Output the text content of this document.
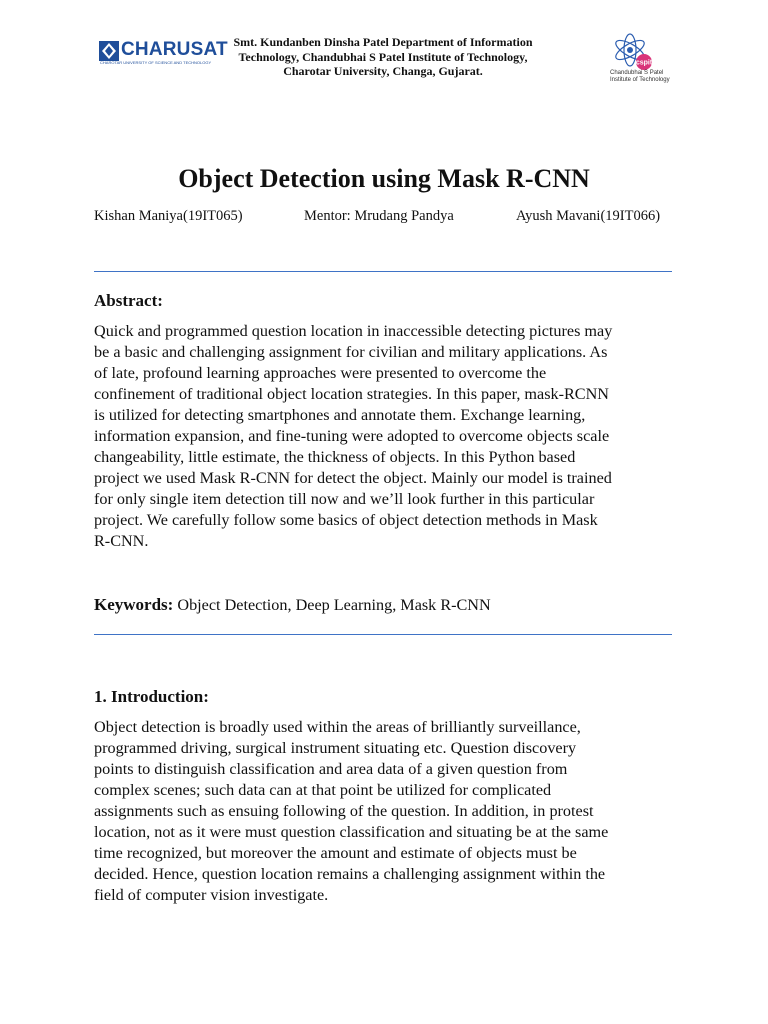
CHARUSAT
CHAROTAR UNIVERSITY OF SCIENCE AND TECHNOLOGY
Smt. Kundanben Dinsha Patel Department of Information
Technology, Chandubhai S Patel Institute of Technology,
Charotar University, Changa, Gujarat.
cspit
Chandubhai S Patel
Institute of Technology
Object Detection using Mask R-CNN
Kishan Maniya(19IT065)	Mentor: Mrudang Pandya	Ayush Mavani(19IT066)
Abstract:
Quick and programmed question location in inaccessible detecting pictures may
be a basic and challenging assignment for civilian and military applications. As
of late, profound learning approaches were presented to overcome the
confinement of traditional object location strategies. In this paper, mask-RCNN
is utilized for detecting smartphones and annotate them. Exchange learning,
information expansion, and fine-tuning were adopted to overcome objects scale
changeability, little estimate, the thickness of objects. In this Python based
project we used Mask R-CNN for detect the object. Mainly our model is trained
for only single item detection till now and we’ll look further in this particular
project. We carefully follow some basics of object detection methods in Mask
R-CNN.
Keywords: Object Detection, Deep Learning, Mask R-CNN
1. Introduction:
Object detection is broadly used within the areas of brilliantly surveillance,
programmed driving, surgical instrument situating etc. Question discovery
points to distinguish classification and area data of a given question from
complex scenes; such data can at that point be utilized for complicated
assignments such as ensuing following of the question. In addition, in protest
location, not as it were must question classification and situating be at the same
time recognized, but moreover the amount and estimate of objects must be
decided. Hence, question location remains a challenging assignment within the
field of computer vision investigate.
